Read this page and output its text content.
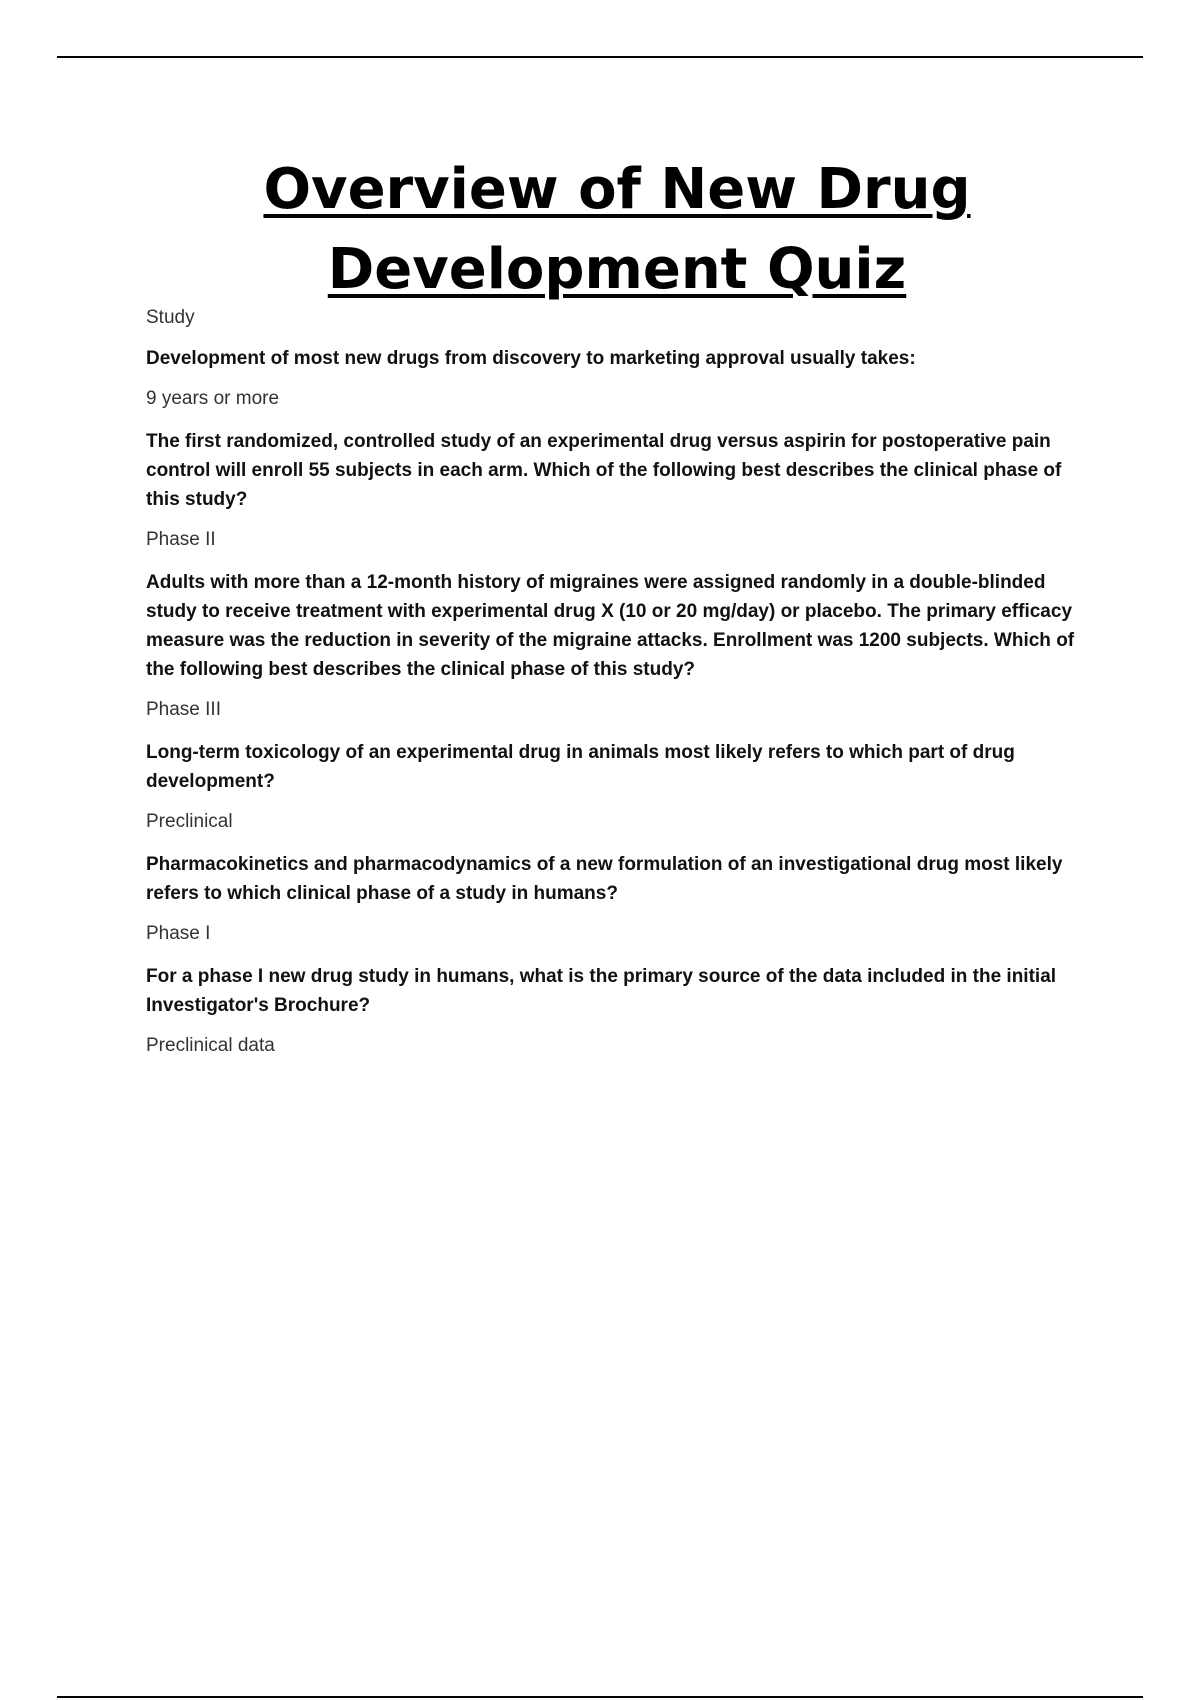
Overview of New Drug
Development Quiz

Study

Development of most new drugs from discovery to marketing approval usually takes:

9 years or more

The first randomized, controlled study of an experimental drug versus aspirin for postoperative pain control will enroll 55 subjects in each arm. Which of the following best describes the clinical phase of this study?

Phase II

Adults with more than a 12-month history of migraines were assigned randomly in a double-blinded study to receive treatment with experimental drug X (10 or 20 mg/day) or placebo. The primary efficacy measure was the reduction in severity of the migraine attacks. Enrollment was 1200 subjects. Which of the following best describes the clinical phase of this study?

Phase III

Long-term toxicology of an experimental drug in animals most likely refers to which part of drug development?

Preclinical

Pharmacokinetics and pharmacodynamics of a new formulation of an investigational drug most likely refers to which clinical phase of a study in humans?

Phase I

For a phase I new drug study in humans, what is the primary source of the data included in the initial Investigator's Brochure?

Preclinical data
